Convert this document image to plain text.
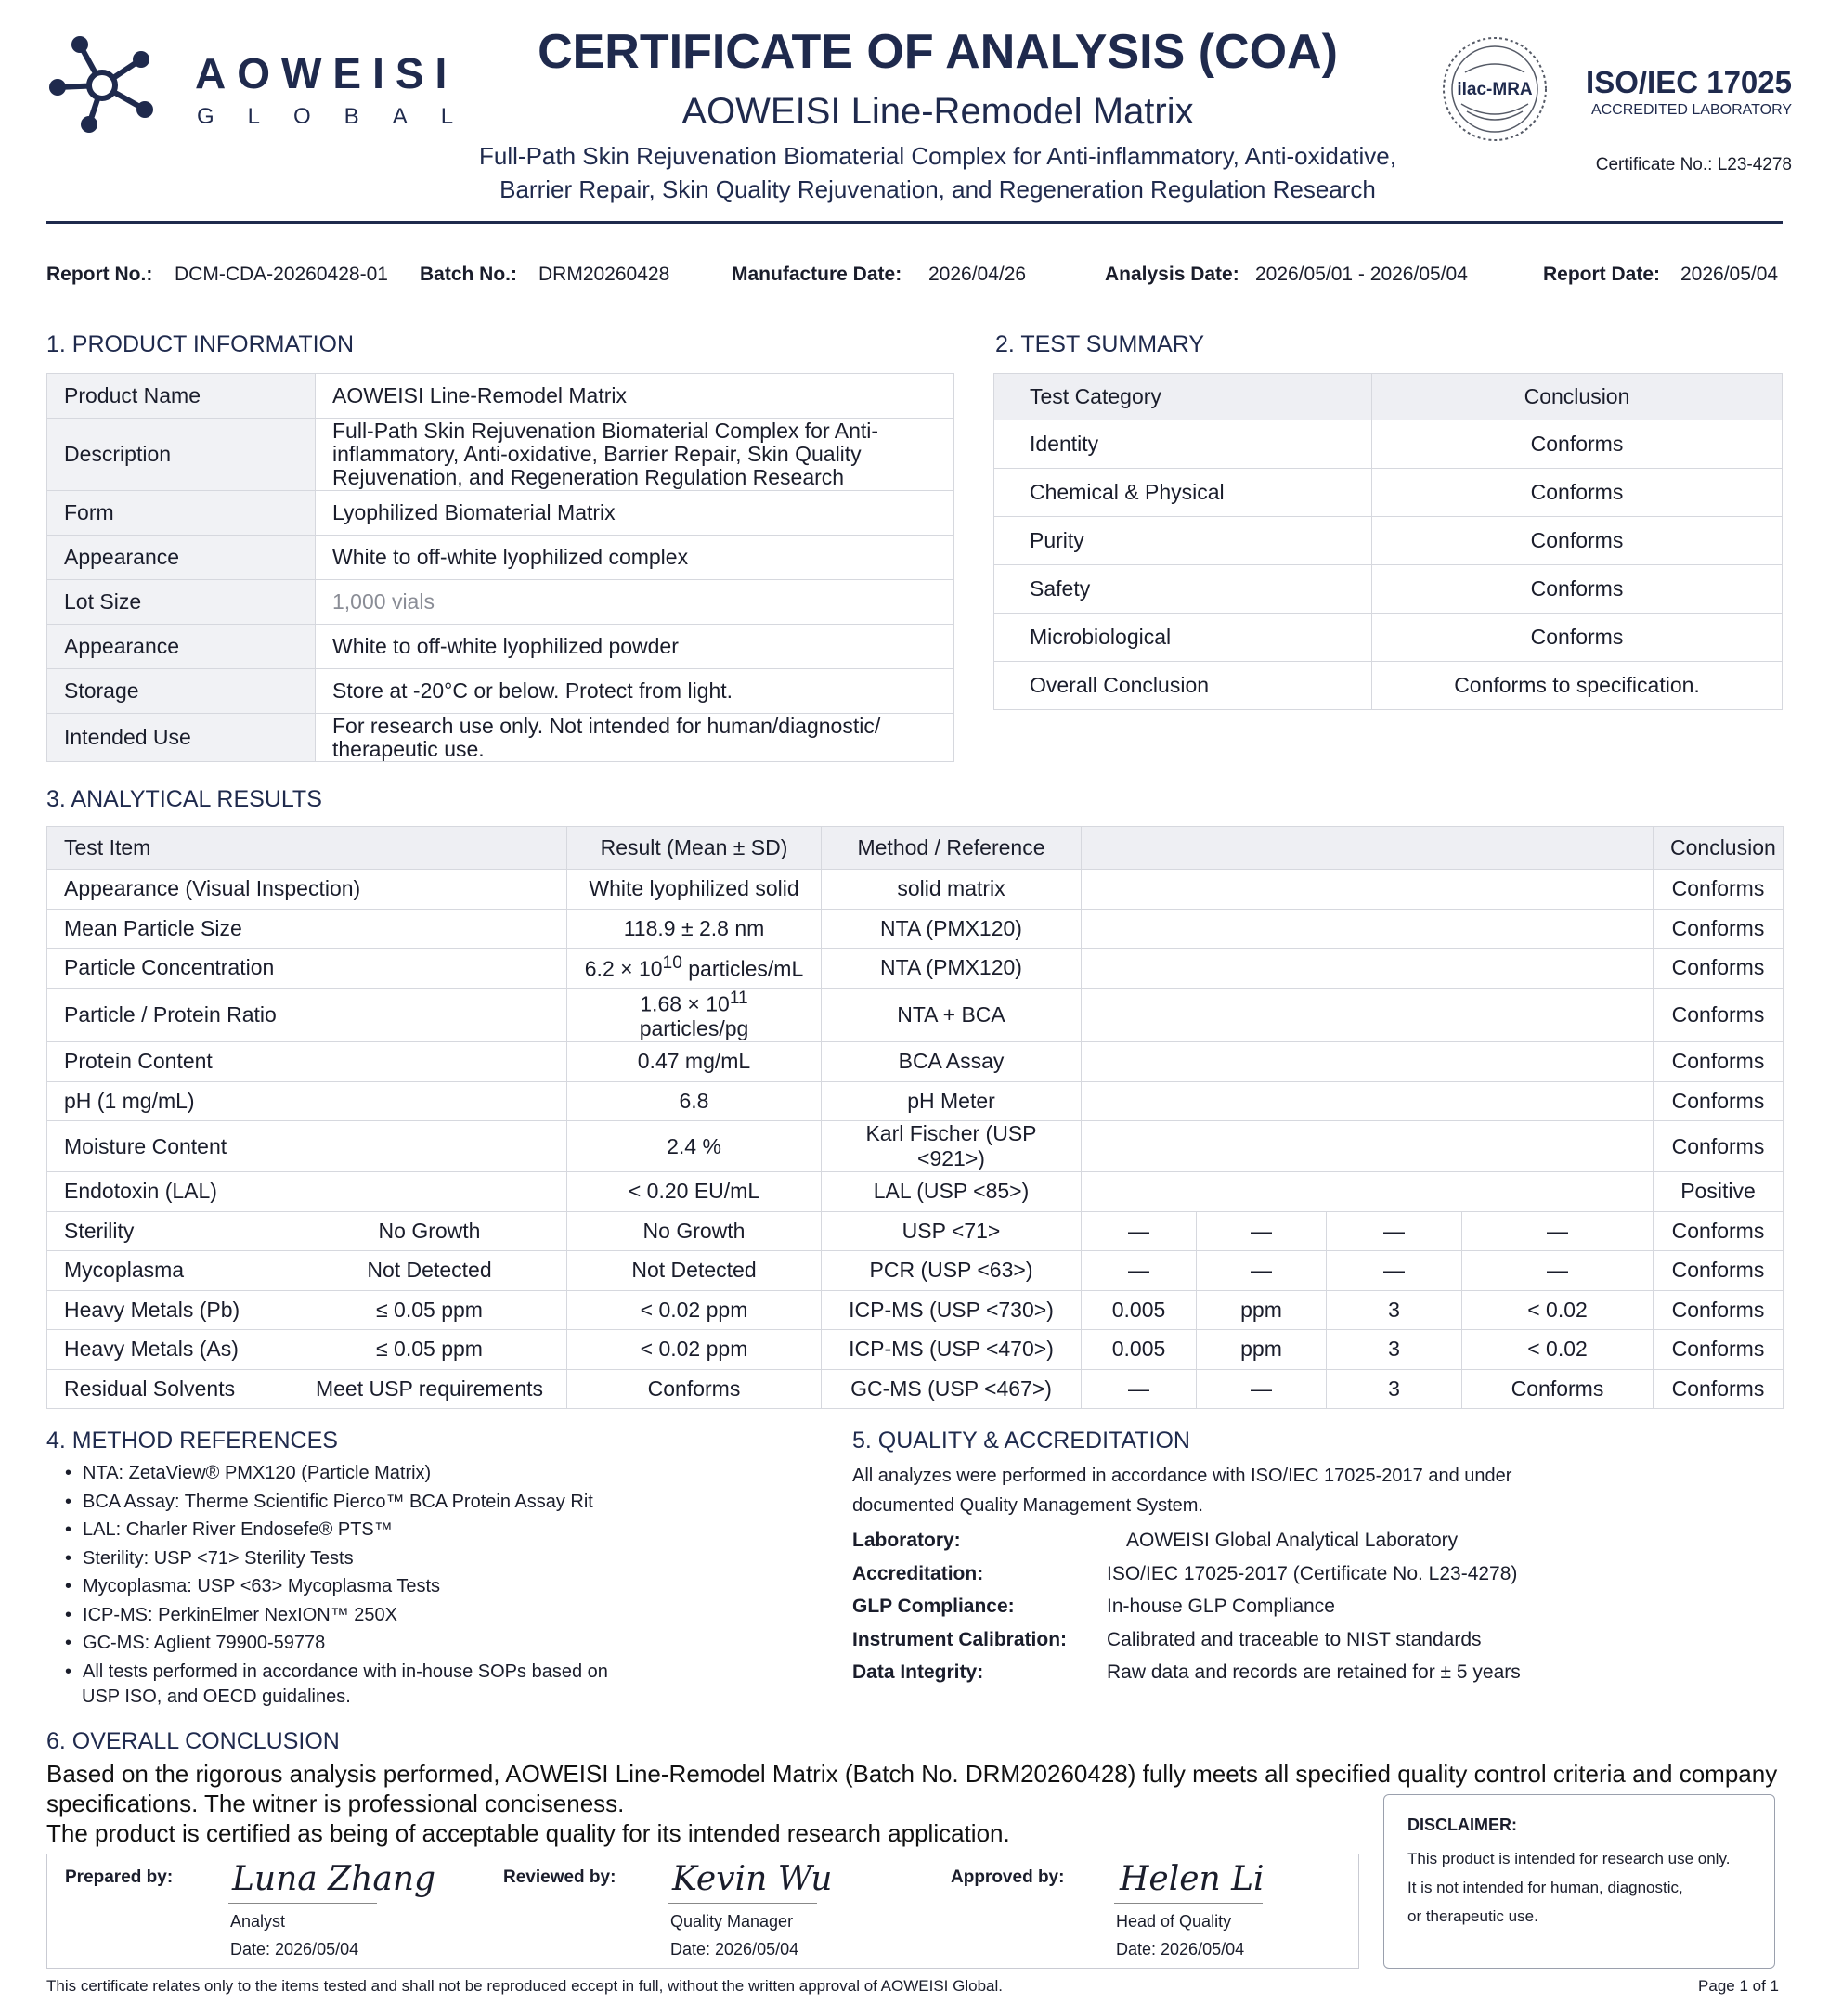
AOWEISI
GLOBAL
CERTIFICATE OF ANALYSIS (COA)
AOWEISI Line-Remodel Matrix
Full-Path Skin Rejuvenation Biomaterial Complex for Anti-inflammatory, Anti-oxidative,
Barrier Repair, Skin Quality Rejuvenation, and Regeneration Regulation Research
ilac-MRA ISO/IEC 17025
ACCREDITED LABORATORY
Certificate No.: L23-4278
Report No.: DCM-CDA-20260428-01 Batch No.: DRM20260428	Manufacture Date: 2026/04/26	Analysis Date: 2026/05/01 - 2026/05/04	Report Date: 2026/05/04
1. PRODUCT INFORMATION
Product Name	AOWEISI Line-Remodel Matrix
Description	Full-Path Skin Rejuvenation Biomaterial Complex for Anti-inflammatory, Anti-oxidative, Barrier Repair, Skin Quality Rejuvenation, and Regeneration Regulation Research
Form	Lyophilized Biomaterial Matrix
Appearance	White to off-white lyophilized complex
Lot Size	1,000 vials
Appearance	White to off-white lyophilized powder
Storage	Store at -20°C or below. Protect from light.
Intended Use	For research use only. Not intended for human/diagnostic/ therapeutic use.
2. TEST SUMMARY
Test Category	Conclusion
Identity	Conforms
Chemical & Physical	Conforms
Purity	Conforms
Safety	Conforms
Microbiological	Conforms
Overall Conclusion	Conforms to specification.
3. ANALYTICAL RESULTS
Test Item		Result (Mean ± SD)	Method / Reference					Conclusion
Appearance (Visual Inspection)		White lyophilized solid	solid matrix					Conforms
Mean Particle Size		118.9 ± 2.8 nm	NTA (PMX120)					Conforms
Particle Concentration		$6.2 \times 10^{10}$ particles/mL	NTA (PMX120)					Conforms
Particle / Protein Ratio		$1.68 \times 10^{11}$ particles/pg	NTA + BCA					Conforms
Protein Content		0.47 mg/mL	BCA Assay					Conforms
pH (1 mg/mL)		6.8	pH Meter					Conforms
Moisture Content		2.4 %	Karl Fischer (USP <921>)					Conforms
Endotoxin (LAL)		< 0.20 EU/mL	LAL (USP <85>)					Positive
Sterility	No Growth	No Growth	USP <71>	—	—	—	—	Conforms
Mycoplasma	Not Detected	Not Detected	PCR (USP <63>)	—	—	—	—	Conforms
Heavy Metals (Pb)	≤ 0.05 ppm	< 0.02 ppm	ICP-MS (USP <730>)	0.005	ppm	3	< 0.02	Conforms
Heavy Metals (As)	≤ 0.05 ppm	< 0.02 ppm	ICP-MS (USP <470>)	0.005	ppm	3	< 0.02	Conforms
Residual Solvents	Meet USP requirements	Conforms	GC-MS (USP <467>)	—	—	3	Conforms	Conforms
4. METHOD REFERENCES
• NTA: ZetaView® PMX120 (Particle Matrix)
• BCA Assay: Therme Scientific Pierco™ BCA Protein Assay Rit
• LAL: Charler River Endosefe® PTS™
• Sterility: USP <71> Sterility Tests
• Mycoplasma: USP <63> Mycoplasma Tests
• ICP-MS: PerkinElmer NexION™ 250X
• GC-MS: Aglient 79900-59778
• All tests performed in accordance with in-house SOPs based on
USP ISO, and OECD guidalines.
5. QUALITY & ACCREDITATION
All analyzes were performed in accordance with ISO/IEC 17025-2017 and under
documented Quality Management System.
Laboratory:	AOWEISI Global Analytical Laboratory
Accreditation:	ISO/IEC 17025-2017 (Certificate No. L23-4278)
GLP Compliance:	In-house GLP Compliance
Instrument Calibration: Calibrated and traceable to NIST standards
Data Integrity:	Raw data and records are retained for ± 5 years
6. OVERALL CONCLUSION
Based on the rigorous analysis performed, AOWEISI Line-Remodel Matrix (Batch No. DRM20260428) fully meets all specified quality control criteria and company
specifications. The witner is professional conciseness.
The product is certified as being of acceptable quality for its intended research application.
Prepared by: Luna Zhang
Analyst
Date: 2026/05/04
Reviewed by: Kevin Wu
Quality Manager
Date: 2026/05/04
Approved by: Helen Li
Head of Quality
Date: 2026/05/04
DISCLAIMER:
This product is intended for research use only.
It is not intended for human, diagnostic,
or therapeutic use.
This certificate relates only to the items tested and shall not be reproduced eccept in full, without the written approval of AOWEISI Global.	Page 1 of 1
